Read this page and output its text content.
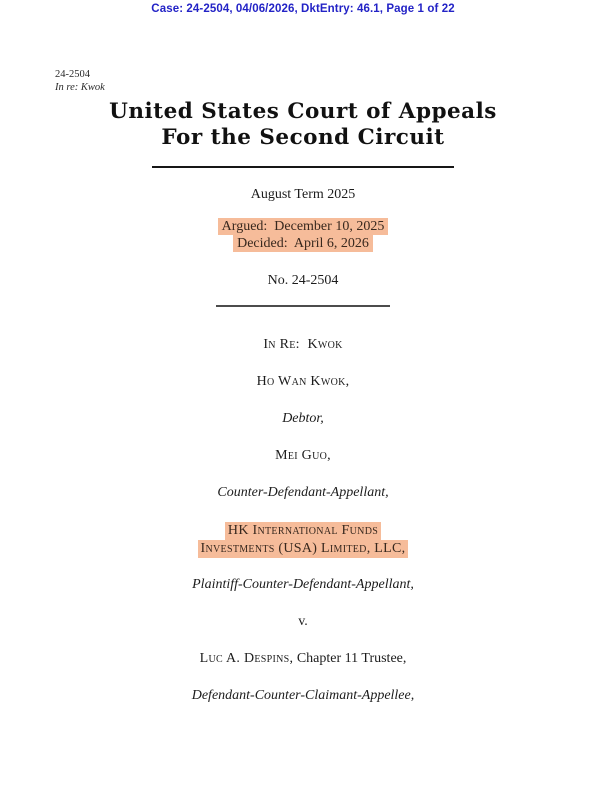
Case: 24-2504, 04/06/2026, DktEntry: 46.1, Page 1 of 22
24-2504
In re: Kwok
United States Court of Appeals
For the Second Circuit
August Term 2025
Argued:  December 10, 2025
Decided:  April 6, 2026
No. 24-2504
In Re:  Kwok
Ho Wan Kwok,
Debtor,
Mei Guo,
Counter-Defendant-Appellant,
HK International Funds
Investments (USA) Limited, LLC,
Plaintiff-Counter-Defendant-Appellant,
v.
Luc A. Despins, Chapter 11 Trustee,
Defendant-Counter-Claimant-Appellee,
